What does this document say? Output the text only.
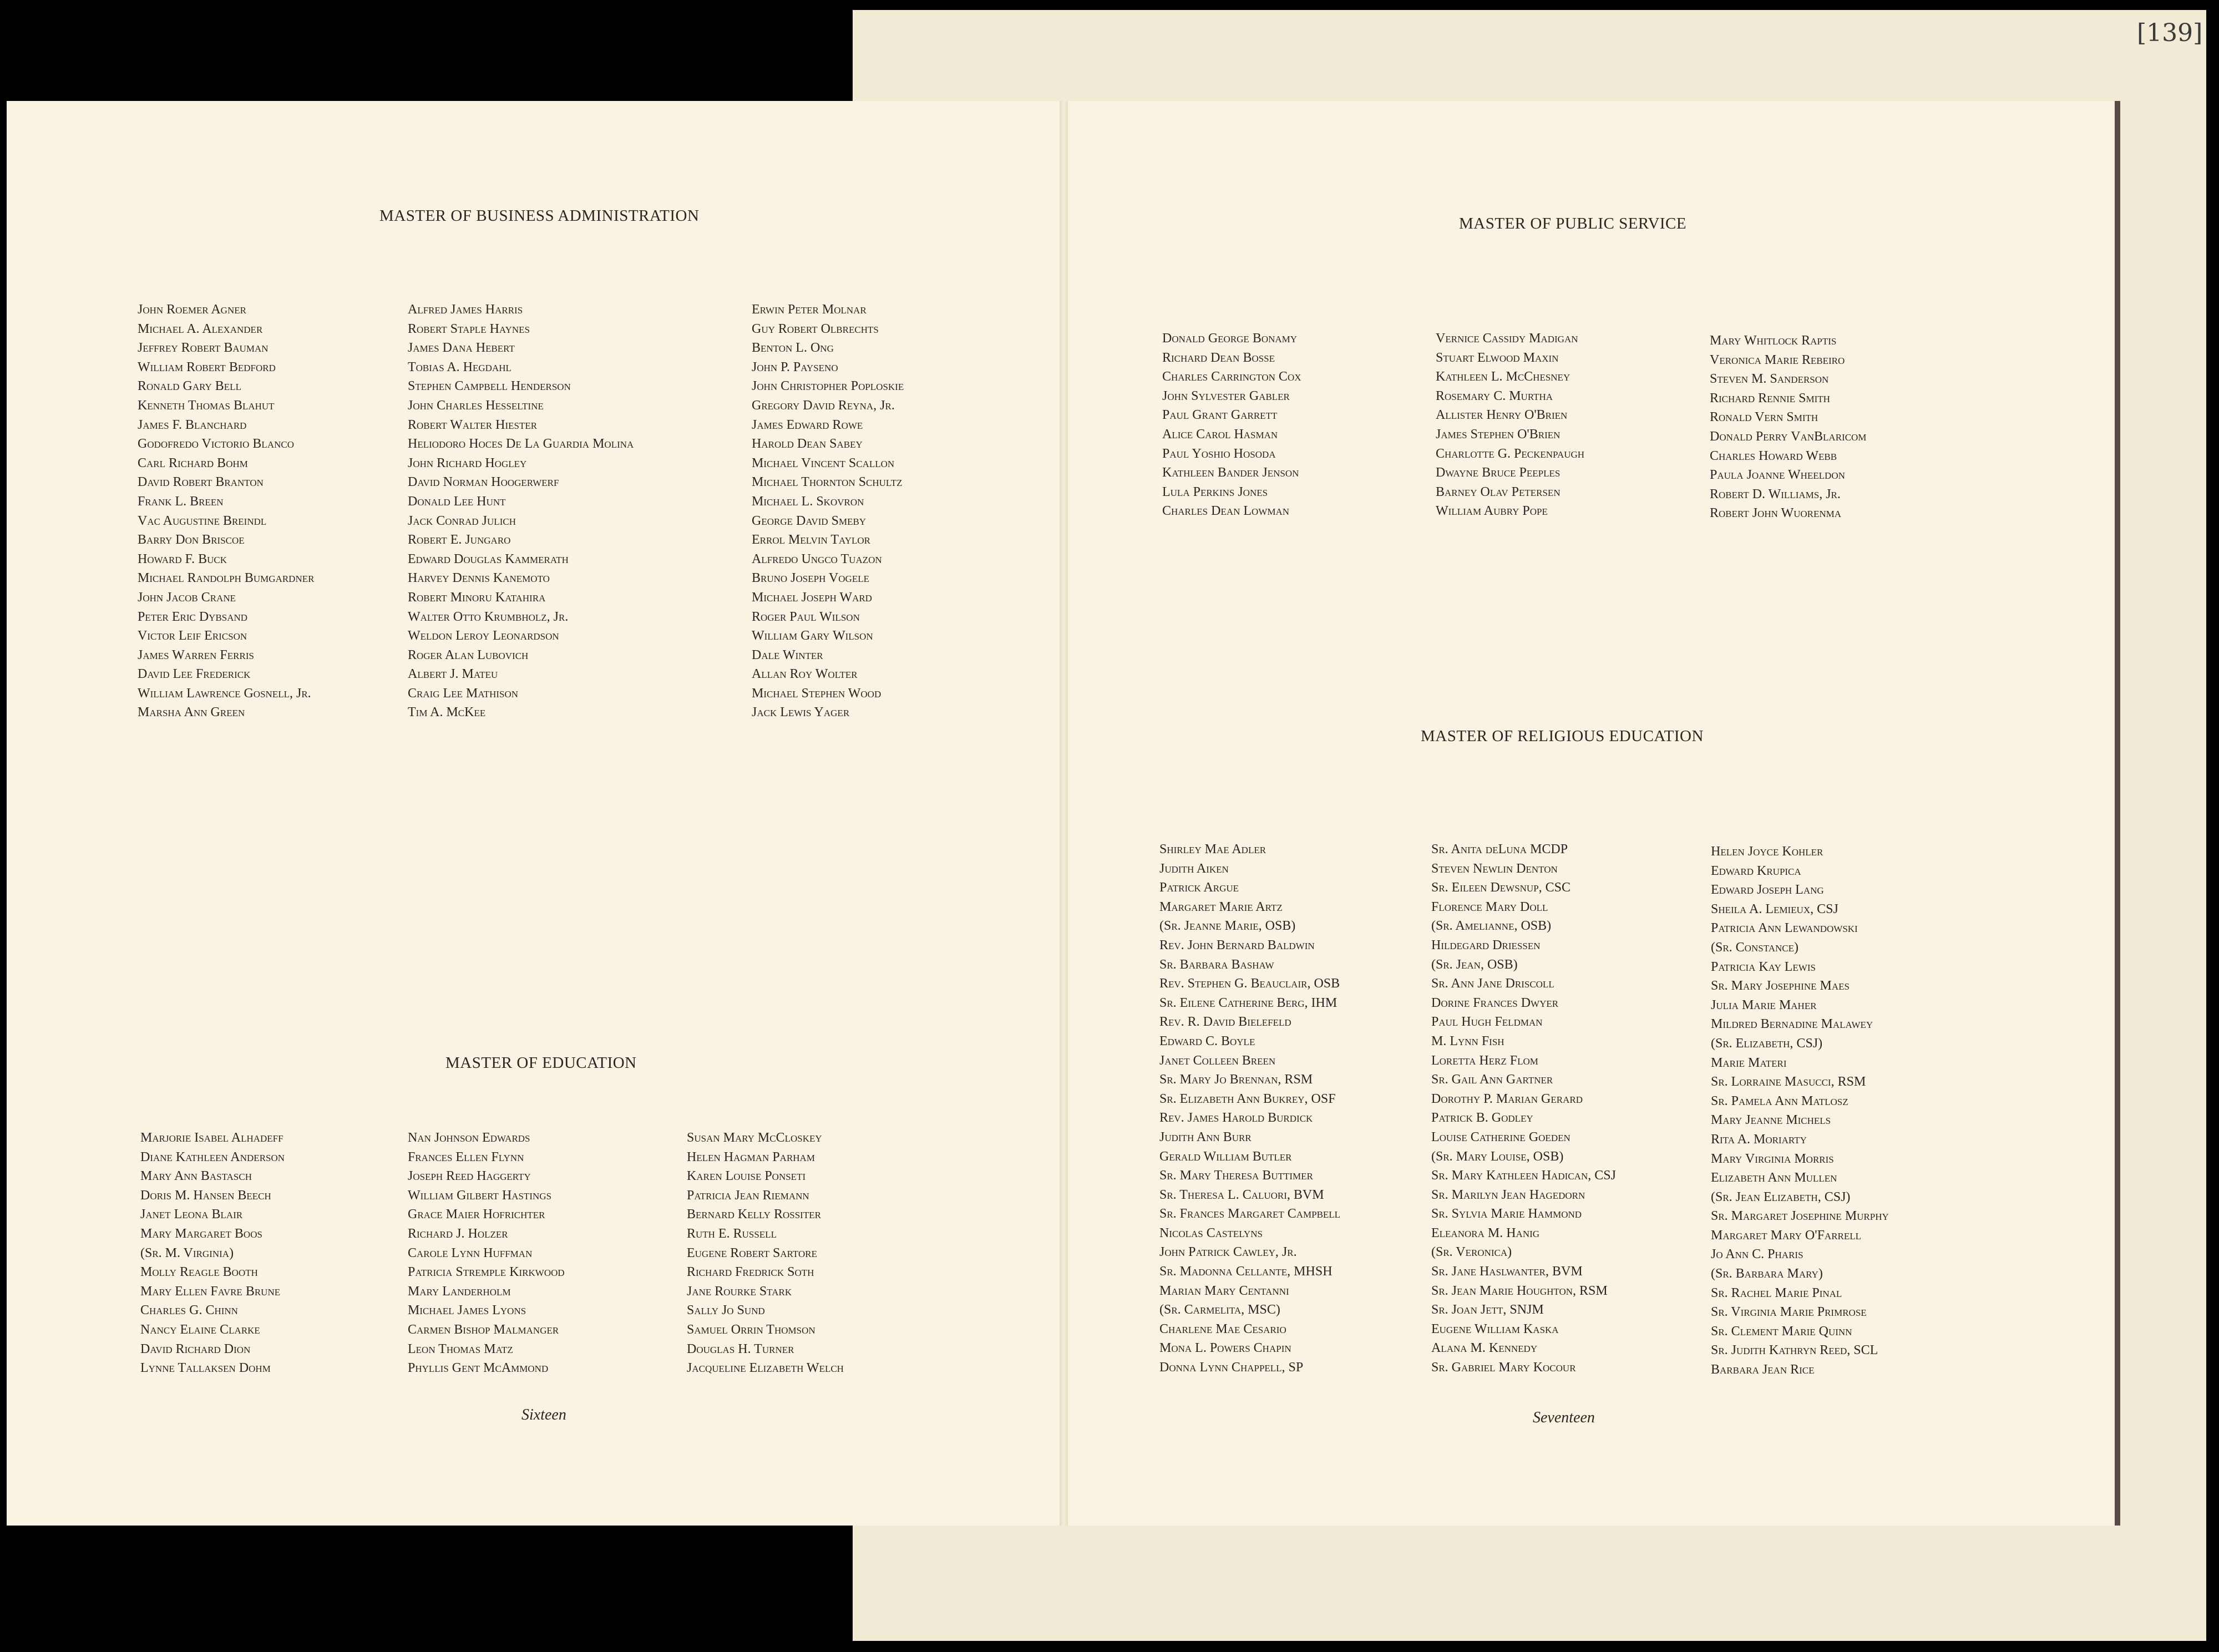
[139]
MASTER OF BUSINESS ADMINISTRATION
John Roemer Agner
Michael A. Alexander
Jeffrey Robert Bauman
William Robert Bedford
Ronald Gary Bell
Kenneth Thomas Blahut
James F. Blanchard
Godofredo Victorio Blanco
Carl Richard Bohm
David Robert Branton
Frank L. Breen
Vac Augustine Breindl
Barry Don Briscoe
Howard F. Buck
Michael Randolph Bumgardner
John Jacob Crane
Peter Eric Dybsand
Victor Leif Ericson
James Warren Ferris
David Lee Frederick
William Lawrence Gosnell, Jr.
Marsha Ann Green
Alfred James Harris
Robert Staple Haynes
James Dana Hebert
Tobias A. Hegdahl
Stephen Campbell Henderson
John Charles Hesseltine
Robert Walter Hiester
Heliodoro Hoces De La Guardia Molina
John Richard Hogley
David Norman Hoogerwerf
Donald Lee Hunt
Jack Conrad Julich
Robert E. Jungaro
Edward Douglas Kammerath
Harvey Dennis Kanemoto
Robert Minoru Katahira
Walter Otto Krumbholz, Jr.
Weldon Leroy Leonardson
Roger Alan Lubovich
Albert J. Mateu
Craig Lee Mathison
Tim A. McKee
Erwin Peter Molnar
Guy Robert Olbrechts
Benton L. Ong
John P. Payseno
John Christopher Poploskie
Gregory David Reyna, Jr.
James Edward Rowe
Harold Dean Sabey
Michael Vincent Scallon
Michael Thornton Schultz
Michael L. Skovron
George David Smeby
Errol Melvin Taylor
Alfredo Ungco Tuazon
Bruno Joseph Vogele
Michael Joseph Ward
Roger Paul Wilson
William Gary Wilson
Dale Winter
Allan Roy Wolter
Michael Stephen Wood
Jack Lewis Yager
MASTER OF EDUCATION
Marjorie Isabel Alhadeff
Diane Kathleen Anderson
Mary Ann Bastasch
Doris M. Hansen Beech
Janet Leona Blair
Mary Margaret Boos
(Sr. M. Virginia)
Molly Reagle Booth
Mary Ellen Favre Brune
Charles G. Chinn
Nancy Elaine Clarke
David Richard Dion
Lynne Tallaksen Dohm
Nan Johnson Edwards
Frances Ellen Flynn
Joseph Reed Haggerty
William Gilbert Hastings
Grace Maier Hofrichter
Richard J. Holzer
Carole Lynn Huffman
Patricia Stremple Kirkwood
Mary Landerholm
Michael James Lyons
Carmen Bishop Malmanger
Leon Thomas Matz
Phyllis Gent McAmmond
Susan Mary McCloskey
Helen Hagman Parham
Karen Louise Ponseti
Patricia Jean Riemann
Bernard Kelly Rossiter
Ruth E. Russell
Eugene Robert Sartore
Richard Fredrick Soth
Jane Rourke Stark
Sally Jo Sund
Samuel Orrin Thomson
Douglas H. Turner
Jacqueline Elizabeth Welch
Sixteen
MASTER OF PUBLIC SERVICE
Donald George Bonamy
Richard Dean Bosse
Charles Carrington Cox
John Sylvester Gabler
Paul Grant Garrett
Alice Carol Hasman
Paul Yoshio Hosoda
Kathleen Bander Jenson
Lula Perkins Jones
Charles Dean Lowman
Vernice Cassidy Madigan
Stuart Elwood Maxin
Kathleen L. McChesney
Rosemary C. Murtha
Allister Henry O'Brien
James Stephen O'Brien
Charlotte G. Peckenpaugh
Dwayne Bruce Peeples
Barney Olav Petersen
William Aubry Pope
Mary Whitlock Raptis
Veronica Marie Rebeiro
Steven M. Sanderson
Richard Rennie Smith
Ronald Vern Smith
Donald Perry VanBlaricom
Charles Howard Webb
Paula Joanne Wheeldon
Robert D. Williams, Jr.
Robert John Wuorenma
MASTER OF RELIGIOUS EDUCATION
Shirley Mae Adler
Judith Aiken
Patrick Argue
Margaret Marie Artz
(Sr. Jeanne Marie, OSB)
Rev. John Bernard Baldwin
Sr. Barbara Bashaw
Rev. Stephen G. Beauclair, OSB
Sr. Eilene Catherine Berg, IHM
Rev. R. David Bielefeld
Edward C. Boyle
Janet Colleen Breen
Sr. Mary Jo Brennan, RSM
Sr. Elizabeth Ann Bukrey, OSF
Rev. James Harold Burdick
Judith Ann Burr
Gerald William Butler
Sr. Mary Theresa Buttimer
Sr. Theresa L. Caluori, BVM
Sr. Frances Margaret Campbell
Nicolas Castelyns
John Patrick Cawley, Jr.
Sr. Madonna Cellante, MHSH
Marian Mary Centanni
(Sr. Carmelita, MSC)
Charlene Mae Cesario
Mona L. Powers Chapin
Donna Lynn Chappell, SP
Sr. Anita deLuna MCDP
Steven Newlin Denton
Sr. Eileen Dewsnup, CSC
Florence Mary Doll
(Sr. Amelianne, OSB)
Hildegard Driessen
(Sr. Jean, OSB)
Sr. Ann Jane Driscoll
Dorine Frances Dwyer
Paul Hugh Feldman
M. Lynn Fish
Loretta Herz Flom
Sr. Gail Ann Gartner
Dorothy P. Marian Gerard
Patrick B. Godley
Louise Catherine Goeden
(Sr. Mary Louise, OSB)
Sr. Mary Kathleen Hadican, CSJ
Sr. Marilyn Jean Hagedorn
Sr. Sylvia Marie Hammond
Eleanora M. Hanig
(Sr. Veronica)
Sr. Jane Haslwanter, BVM
Sr. Jean Marie Houghton, RSM
Sr. Joan Jett, SNJM
Eugene William Kaska
Alana M. Kennedy
Sr. Gabriel Mary Kocour
Helen Joyce Kohler
Edward Krupica
Edward Joseph Lang
Sheila A. Lemieux, CSJ
Patricia Ann Lewandowski
(Sr. Constance)
Patricia Kay Lewis
Sr. Mary Josephine Maes
Julia Marie Maher
Mildred Bernadine Malawey
(Sr. Elizabeth, CSJ)
Marie Materi
Sr. Lorraine Masucci, RSM
Sr. Pamela Ann Matlosz
Mary Jeanne Michels
Rita A. Moriarty
Mary Virginia Morris
Elizabeth Ann Mullen
(Sr. Jean Elizabeth, CSJ)
Sr. Margaret Josephine Murphy
Margaret Mary O'Farrell
Jo Ann C. Pharis
(Sr. Barbara Mary)
Sr. Rachel Marie Pinal
Sr. Virginia Marie Primrose
Sr. Clement Marie Quinn
Sr. Judith Kathryn Reed, SCL
Barbara Jean Rice
Seventeen
